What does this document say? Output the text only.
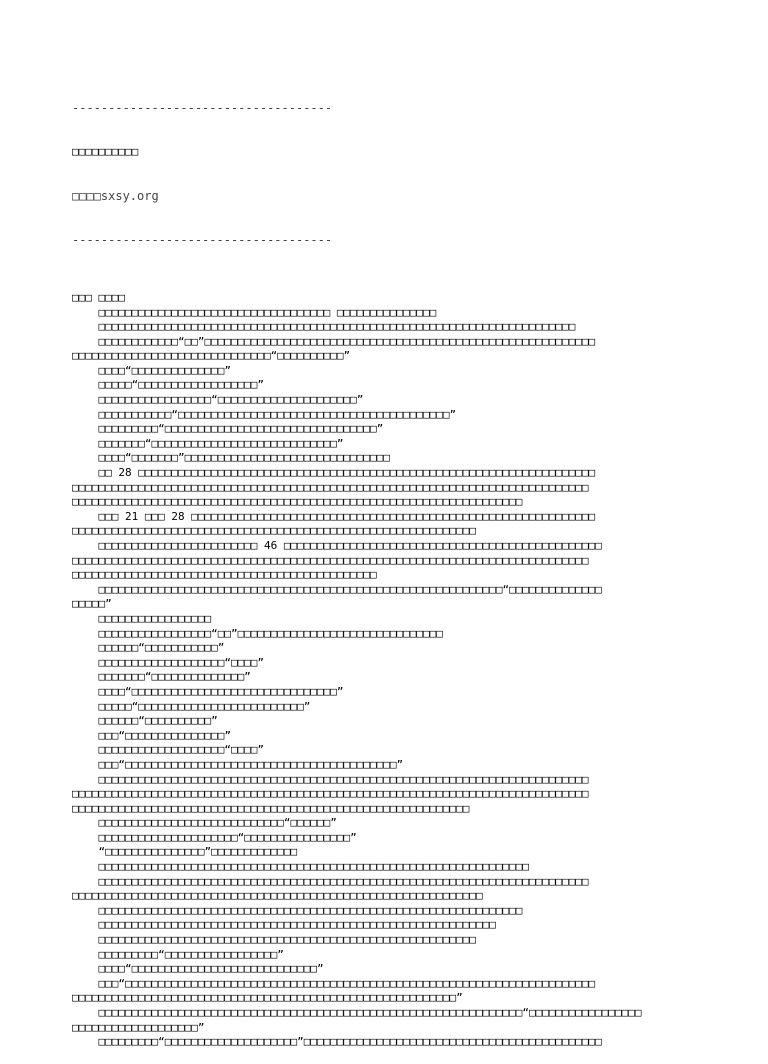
------------------------------------

□□□□□□□□□□

□□□□sxsy.org

------------------------------------

□□□ □□□□
□□□□□□□□□□□□□□□□□□□□□□□□□□□□□□□□□□□ □□□□□□□□□□□□□□□
□□□□□□□□□□□□□□□□□□□□□□□□□□□□□□□□□□□□□□□□□□□□□□□□□□□□□□□□□□□□□□□□□□□□□□□□
□□□□□□□□□□□□“□□”□□□□□□□□□□□□□□□□□□□□□□□□□□□□□□□□□□□□□□□□□□□□□□□□□□□□□□□□□□□
□□□□□□□□□□□□□□□□□□□□□□□□□□□□□□“□□□□□□□□□□”
□□□□“□□□□□□□□□□□□□□”
□□□□□“□□□□□□□□□□□□□□□□□□”
□□□□□□□□□□□□□□□□□“□□□□□□□□□□□□□□□□□□□□□”
□□□□□□□□□□□“□□□□□□□□□□□□□□□□□□□□□□□□□□□□□□□□□□□□□□□□□”
□□□□□□□□□“□□□□□□□□□□□□□□□□□□□□□□□□□□□□□□□□”
□□□□□□□“□□□□□□□□□□□□□□□□□□□□□□□□□□□□”
□□□□“□□□□□□□”□□□□□□□□□□□□□□□□□□□□□□□□□□□□□□□
□□ 28 □□□□□□□□□□□□□□□□□□□□□□□□□□□□□□□□□□□□□□□□□□□□□□□□□□□□□□□□□□□□□□□□□□□□□
□□□□□□□□□□□□□□□□□□□□□□□□□□□□□□□□□□□□□□□□□□□□□□□□□□□□□□□□□□□□□□□□□□□□□□□□□□□□□□
□□□□□□□□□□□□□□□□□□□□□□□□□□□□□□□□□□□□□□□□□□□□□□□□□□□□□□□□□□□□□□□□□□□□
□□□ 21 □□□ 28 □□□□□□□□□□□□□□□□□□□□□□□□□□□□□□□□□□□□□□□□□□□□□□□□□□□□□□□□□□□□□
□□□□□□□□□□□□□□□□□□□□□□□□□□□□□□□□□□□□□□□□□□□□□□□□□□□□□□□□□□□□□
□□□□□□□□□□□□□□□□□□□□□□□□ 46 □□□□□□□□□□□□□□□□□□□□□□□□□□□□□□□□□□□□□□□□□□□□□□□□
□□□□□□□□□□□□□□□□□□□□□□□□□□□□□□□□□□□□□□□□□□□□□□□□□□□□□□□□□□□□□□□□□□□□□□□□□□□□□□
□□□□□□□□□□□□□□□□□□□□□□□□□□□□□□□□□□□□□□□□□□□□□□
□□□□□□□□□□□□□□□□□□□□□□□□□□□□□□□□□□□□□□□□□□□□□□□□□□□□□□□□□□□□□“□□□□□□□□□□□□□□
□□□□□”
□□□□□□□□□□□□□□□□□
□□□□□□□□□□□□□□□□□“□□”□□□□□□□□□□□□□□□□□□□□□□□□□□□□□□□
□□□□□□“□□□□□□□□□□□”
□□□□□□□□□□□□□□□□□□□“□□□□”
□□□□□□□“□□□□□□□□□□□□□□”
□□□□“□□□□□□□□□□□□□□□□□□□□□□□□□□□□□□□”
□□□□□“□□□□□□□□□□□□□□□□□□□□□□□□□”
□□□□□□“□□□□□□□□□□”
□□□“□□□□□□□□□□□□□□□”
□□□□□□□□□□□□□□□□□□□“□□□□”
□□□“□□□□□□□□□□□□□□□□□□□□□□□□□□□□□□□□□□□□□□□□□”
□□□□□□□□□□□□□□□□□□□□□□□□□□□□□□□□□□□□□□□□□□□□□□□□□□□□□□□□□□□□□□□□□□□□□□□□□□
□□□□□□□□□□□□□□□□□□□□□□□□□□□□□□□□□□□□□□□□□□□□□□□□□□□□□□□□□□□□□□□□□□□□□□□□□□□□□□
□□□□□□□□□□□□□□□□□□□□□□□□□□□□□□□□□□□□□□□□□□□□□□□□□□□□□□□□□□□□
□□□□□□□□□□□□□□□□□□□□□□□□□□□□“□□□□□□”
□□□□□□□□□□□□□□□□□□□□□“□□□□□□□□□□□□□□□□”
“□□□□□□□□□□□□□□□”□□□□□□□□□□□□□
□□□□□□□□□□□□□□□□□□□□□□□□□□□□□□□□□□□□□□□□□□□□□□□□□□□□□□□□□□□□□□□□□
□□□□□□□□□□□□□□□□□□□□□□□□□□□□□□□□□□□□□□□□□□□□□□□□□□□□□□□□□□□□□□□□□□□□□□□□□□
□□□□□□□□□□□□□□□□□□□□□□□□□□□□□□□□□□□□□□□□□□□□□□□□□□□□□□□□□□□□□□
□□□□□□□□□□□□□□□□□□□□□□□□□□□□□□□□□□□□□□□□□□□□□□□□□□□□□□□□□□□□□□□□
□□□□□□□□□□□□□□□□□□□□□□□□□□□□□□□□□□□□□□□□□□□□□□□□□□□□□□□□□□□□
□□□□□□□□□□□□□□□□□□□□□□□□□□□□□□□□□□□□□□□□□□□□□□□□□□□□□□□□□
□□□□□□□□□“□□□□□□□□□□□□□□□□□”
□□□□“□□□□□□□□□□□□□□□□□□□□□□□□□□□□”
□□□“□□□□□□□□□□□□□□□□□□□□□□□□□□□□□□□□□□□□□□□□□□□□□□□□□□□□□□□□□□□□□□□□□□□□□□□
□□□□□□□□□□□□□□□□□□□□□□□□□□□□□□□□□□□□□□□□□□□□□□□□□□□□□□□□□□”
□□□□□□□□□□□□□□□□□□□□□□□□□□□□□□□□□□□□□□□□□□□□□□□□□□□□□□□□□□□□□□□□“□□□□□□□□□□□□□□□□□
□□□□□□□□□□□□□□□□□□□”
□□□□□□□□□“□□□□□□□□□□□□□□□□□□□□”□□□□□□□□□□□□□□□□□□□□□□□□□□□□□□□□□□□□□□□□□□□□□
